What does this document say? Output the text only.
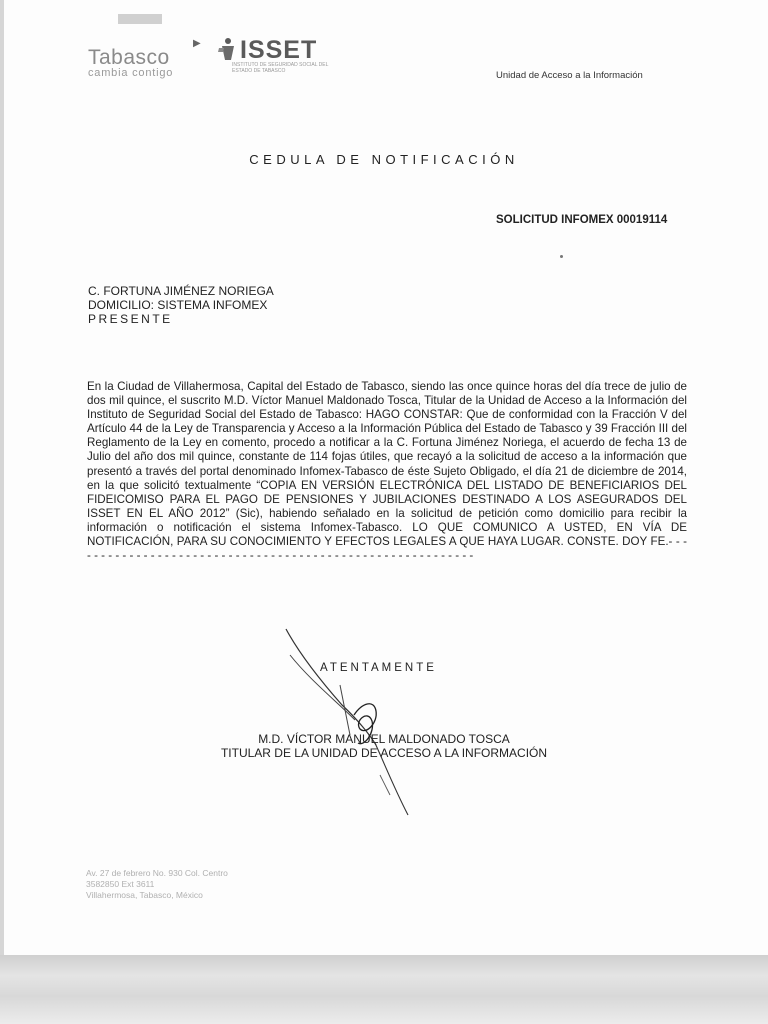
Tabasco
cambia contigo
▶ ISSET
INSTITUTO DE SEGURIDAD SOCIAL DEL ESTADO DE TABASCO	Unidad de Acceso a la Información
CEDULA DE NOTIFICACIÓN
SOLICITUD INFOMEX 00019114
C. FORTUNA JIMÉNEZ NORIEGA
DOMICILIO: SISTEMA INFOMEX
PRESENTE
En la Ciudad de Villahermosa, Capital del Estado de Tabasco, siendo las once quince horas del día trece de julio de dos mil quince, el suscrito M.D. Víctor Manuel Maldonado Tosca, Titular de la Unidad de Acceso a la Información del Instituto de Seguridad Social del Estado de Tabasco: HAGO CONSTAR: Que de conformidad con la Fracción V del Artículo 44 de la Ley de Transparencia y Acceso a la Información Pública del Estado de Tabasco y 39 Fracción III del Reglamento de la Ley en comento, procedo a notificar a la C. Fortuna Jiménez Noriega, el acuerdo de fecha 13 de Julio del año dos mil quince, constante de 114 fojas útiles, que recayó a la solicitud de acceso a la información que presentó a través del portal denominado Infomex-Tabasco de éste Sujeto Obligado, el día 21 de diciembre de 2014, en la que solicitó textualmente “COPIA EN VERSIÓN ELECTRÓNICA DEL LISTADO DE BENEFICIARIOS DEL FIDEICOMISO PARA EL PAGO DE PENSIONES Y JUBILACIONES DESTINADO A LOS ASEGURADOS DEL ISSET EN EL AÑO 2012” (Sic), habiendo señalado en la solicitud de petición como domicilio para recibir la información o notificación el sistema Infomex-Tabasco. LO QUE COMUNICO A USTED, EN VÍA DE NOTIFICACIÓN, PARA SU CONOCIMIENTO Y EFECTOS LEGALES A QUE HAYA LUGAR. CONSTE. DOY FE.- - - - - - - - - - - - - - - - - - - - - - - - - - - - - - - - - - - - - - - - - - - - - - - - - - - - - - - - - -
ATENTAMENTE
M.D. VÍCTOR MANUEL MALDONADO TOSCA
TITULAR DE LA UNIDAD DE ACCESO A LA INFORMACIÓN
Av. 27 de febrero No. 930 Col. Centro
3582850 Ext 3611
Villahermosa, Tabasco, México
